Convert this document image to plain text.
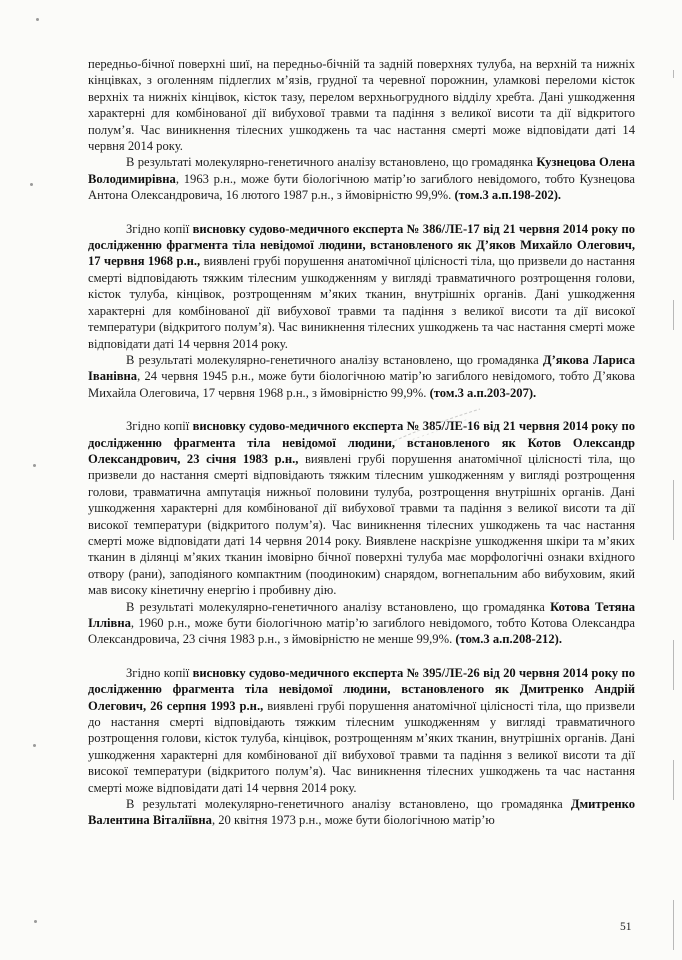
передньо-бічної поверхні шиї, на передньо-бічній та задній поверхнях тулуба, на верхній та нижніх кінцівках, з оголенням підлеглих м’язів, грудної та черевної порожнин, уламкові переломи кісток верхніх та нижніх кінцівок, кісток тазу, перелом верхньогрудного відділу хребта. Дані ушкодження характерні для комбінованої дії вибухової травми та падіння з великої висоти та дії відкритого полум’я. Час виникнення тілесних ушкоджень та час настання смерті може відповідати даті 14 червня 2014 року.

В результаті молекулярно-генетичного аналізу встановлено, що громадянка Кузнецова Олена Володимирівна, 1963 р.н., може бути біологічною матір’ю загиблого невідомого, тобто Кузнецова Антона Олександровича, 16 лютого 1987 р.н., з ймовірністю 99,9%. (том.3 а.п.198-202).

Згідно копії висновку судово-медичного експерта № 386/ЛЕ-17 від 21 червня 2014 року по дослідженню фрагмента тіла невідомої людини, встановленого як Д’яков Михайло Олегович, 17 червня 1968 р.н., виявлені грубі порушення анатомічної цілісності тіла, що призвели до настання смерті відповідають тяжким тілесним ушкодженням у вигляді травматичного розтрощення голови, кісток тулуба, кінцівок, розтрощенням м’яких тканин, внутрішніх органів. Дані ушкодження характерні для комбінованої дії вибухової травми та падіння з великої висоти та дії високої температури (відкритого полум’я). Час виникнення тілесних ушкоджень та час настання смерті може відповідати даті 14 червня 2014 року.

В результаті молекулярно-генетичного аналізу встановлено, що громадянка Д’якова Лариса Іванівна, 24 червня 1945 р.н., може бути біологічною матір’ю загиблого невідомого, тобто Д’якова Михайла Олеговича, 17 червня 1968 р.н., з ймовірністю 99,9%. (том.3 а.п.203-207).

Згідно копії висновку судово-медичного експерта № 385/ЛЕ-16 від 21 червня 2014 року по дослідженню фрагмента тіла невідомої людини, встановленого як Котов Олександр Олександрович, 23 січня 1983 р.н., виявлені грубі порушення анатомічної цілісності тіла, що призвели до настання смерті відповідають тяжким тілесним ушкодженням у вигляді розтрощення голови, травматична ампутація нижньої половини тулуба, розтрощення внутрішніх органів. Дані ушкодження характерні для комбінованої дії вибухової травми та падіння з великої висоти та дії високої температури (відкритого полум’я). Час виникнення тілесних ушкоджень та час настання смерті може відповідати даті 14 червня 2014 року. Виявлене наскрізне ушкодження шкіри та м’яких тканин в ділянці м’яких тканин імовірно бічної поверхні тулуба має морфологічні ознаки вхідного отвору (рани), заподіяного компактним (поодиноким) снарядом, вогнепальним або вибуховим, який мав високу кінетичну енергію і пробивну дію.

В результаті молекулярно-генетичного аналізу встановлено, що громадянка Котова Тетяна Іллівна, 1960 р.н., може бути біологічною матір’ю загиблого невідомого, тобто Котова Олександра Олександровича, 23 січня 1983 р.н., з ймовірністю не менше 99,9%. (том.3 а.п.208-212).

Згідно копії висновку судово-медичного експерта № 395/ЛЕ-26 від 20 червня 2014 року по дослідженню фрагмента тіла невідомої людини, встановленого як Дмитренко Андрій Олегович, 26 серпня 1993 р.н., виявлені грубі порушення анатомічної цілісності тіла, що призвели до настання смерті відповідають тяжким тілесним ушкодженням у вигляді травматичного розтрощення голови, кісток тулуба, кінцівок, розтрощенням м’яких тканин, внутрішніх органів. Дані ушкодження характерні для комбінованої дії вибухової травми та падіння з великої висоти та дії високої температури (відкритого полум’я). Час виникнення тілесних ушкоджень та час настання смерті може відповідати даті 14 червня 2014 року.

В результаті молекулярно-генетичного аналізу встановлено, що громадянка Дмитренко Валентина Віталіївна, 20 квітня 1973 р.н., може бути біологічною матір’ю

51
